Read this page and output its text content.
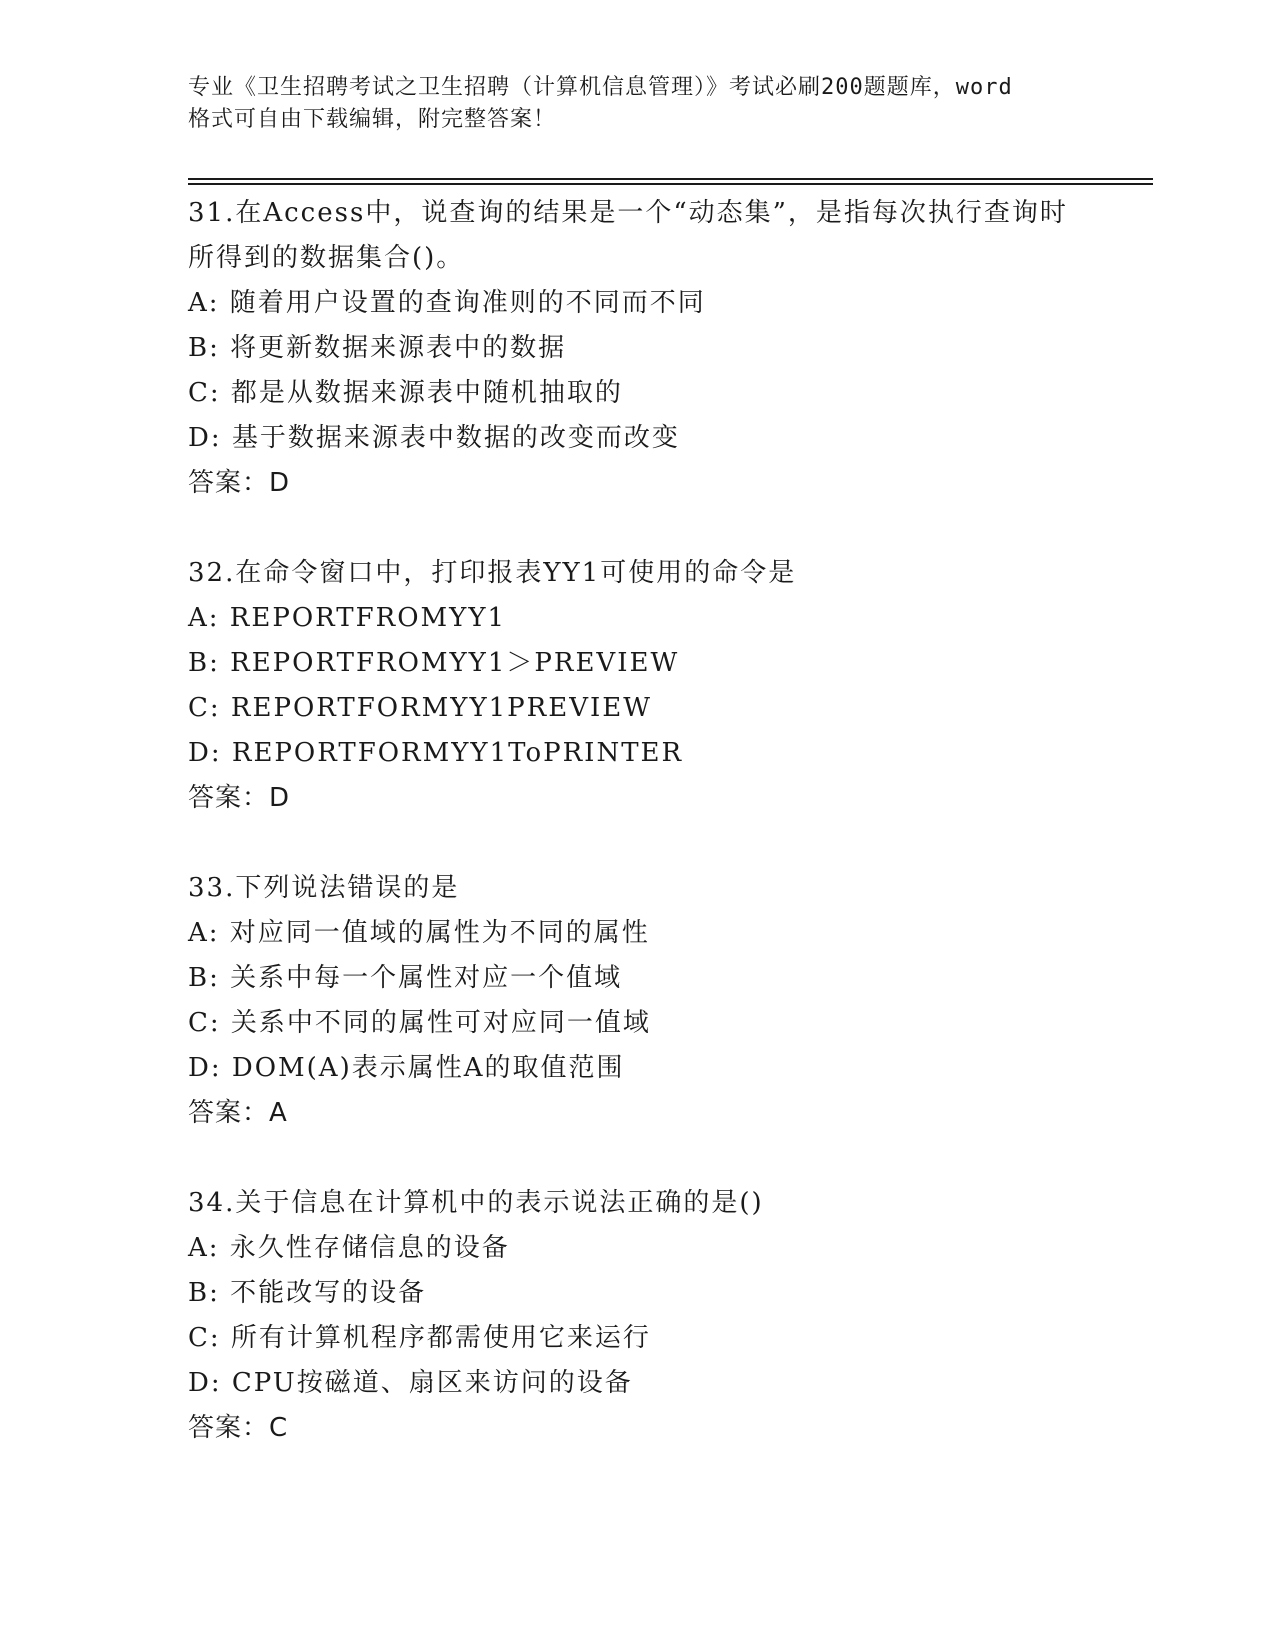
专业《卫生招聘考试之卫生招聘（计算机信息管理）》考试必刷200题题库，word
格式可自由下载编辑，附完整答案！
31.在Access中，说查询的结果是一个“动态集”，是指每次执行查询时所得到的数据集合()。
A: 随着用户设置的查询准则的不同而不同
B: 将更新数据来源表中的数据
C: 都是从数据来源表中随机抽取的
D: 基于数据来源表中数据的改变而改变
答案：D
32.在命令窗口中，打印报表YY1可使用的命令是
A: REPORTFROMYY1
B: REPORTFROMYY1＞PREVIEW
C: REPORTFORMYY1PREVIEW
D: REPORTFORMYY1ToPRINTER
答案：D
33.下列说法错误的是
A: 对应同一值域的属性为不同的属性
B: 关系中每一个属性对应一个值域
C: 关系中不同的属性可对应同一值域
D: DOM(A)表示属性A的取值范围
答案：A
34.关于信息在计算机中的表示说法正确的是()
A: 永久性存储信息的设备
B: 不能改写的设备
C: 所有计算机程序都需使用它来运行
D: CPU按磁道、扇区来访问的设备
答案：C
